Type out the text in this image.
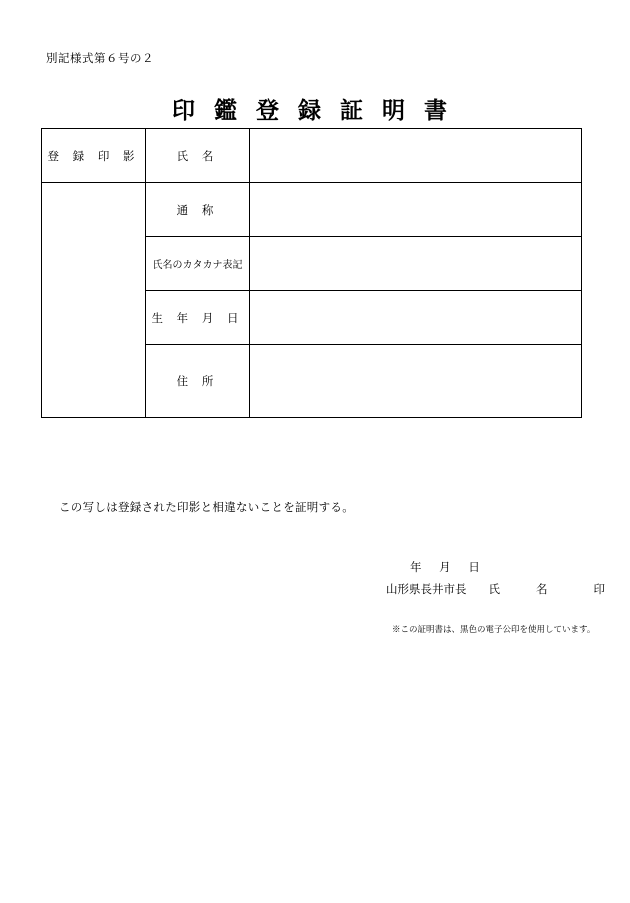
別記様式第６号の２
印鑑登録証明書
登 録 印 影	氏 名	
	通 称	
	氏名のカタカナ表記	
	生 年 月 日	
	住 所	
この写しは登録された印影と相違ないことを証明する。
年 月 日
山形県長井市長 氏	名	印
※この証明書は、黒色の電子公印を使用しています。
